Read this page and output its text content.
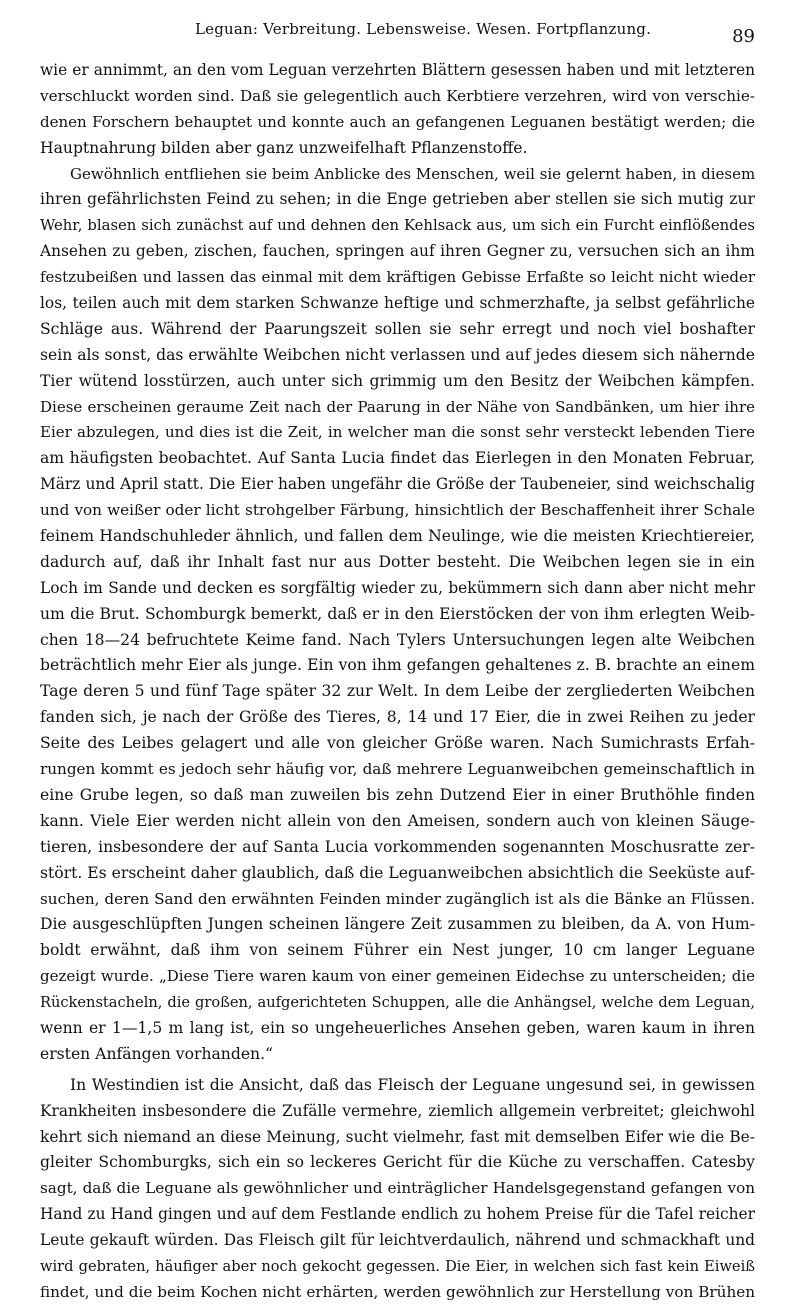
Leguan: Verbreitung. Lebensweise. Wesen. Fortpflanzung.	89
wie er annimmt, an den vom Leguan verzehrten Blättern gesessen haben und mit letzteren
verschluckt worden sind. Daß sie gelegentlich auch Kerbtiere verzehren, wird von verschie-
denen Forschern behauptet und konnte auch an gefangenen Leguanen bestätigt werden; die
Hauptnahrung bilden aber ganz unzweifelhaft Pflanzenstoffe.
Gewöhnlich entfliehen sie beim Anblicke des Menschen, weil sie gelernt haben, in diesem
ihren gefährlichsten Feind zu sehen; in die Enge getrieben aber stellen sie sich mutig zur
Wehr, blasen sich zunächst auf und dehnen den Kehlsack aus, um sich ein Furcht einflößendes
Ansehen zu geben, zischen, fauchen, springen auf ihren Gegner zu, versuchen sich an ihm
festzubeißen und lassen das einmal mit dem kräftigen Gebisse Erfaßte so leicht nicht wieder
los, teilen auch mit dem starken Schwanze heftige und schmerzhafte, ja selbst gefährliche
Schläge aus. Während der Paarungszeit sollen sie sehr erregt und noch viel boshafter
sein als sonst, das erwählte Weibchen nicht verlassen und auf jedes diesem sich nähernde
Tier wütend losstürzen, auch unter sich grimmig um den Besitz der Weibchen kämpfen.
Diese erscheinen geraume Zeit nach der Paarung in der Nähe von Sandbänken, um hier ihre
Eier abzulegen, und dies ist die Zeit, in welcher man die sonst sehr versteckt lebenden Tiere
am häufigsten beobachtet. Auf Santa Lucia findet das Eierlegen in den Monaten Februar,
März und April statt. Die Eier haben ungefähr die Größe der Taubeneier, sind weichschalig
und von weißer oder licht strohgelber Färbung, hinsichtlich der Beschaffenheit ihrer Schale
feinem Handschuhleder ähnlich, und fallen dem Neulinge, wie die meisten Kriechtiereier,
dadurch auf, daß ihr Inhalt fast nur aus Dotter besteht. Die Weibchen legen sie in ein
Loch im Sande und decken es sorgfältig wieder zu, bekümmern sich dann aber nicht mehr
um die Brut. Schomburgk bemerkt, daß er in den Eierstöcken der von ihm erlegten Weib-
chen 18—24 befruchtete Keime fand. Nach Tylers Untersuchungen legen alte Weibchen
beträchtlich mehr Eier als junge. Ein von ihm gefangen gehaltenes z. B. brachte an einem
Tage deren 5 und fünf Tage später 32 zur Welt. In dem Leibe der zergliederten Weibchen
fanden sich, je nach der Größe des Tieres, 8, 14 und 17 Eier, die in zwei Reihen zu jeder
Seite des Leibes gelagert und alle von gleicher Größe waren. Nach Sumichrasts Erfah-
rungen kommt es jedoch sehr häufig vor, daß mehrere Leguanweibchen gemeinschaftlich in
eine Grube legen, so daß man zuweilen bis zehn Dutzend Eier in einer Bruthöhle finden
kann. Viele Eier werden nicht allein von den Ameisen, sondern auch von kleinen Säuge-
tieren, insbesondere der auf Santa Lucia vorkommenden sogenannten Moschusratte zer-
stört. Es erscheint daher glaublich, daß die Leguanweibchen absichtlich die Seeküste auf-
suchen, deren Sand den erwähnten Feinden minder zugänglich ist als die Bänke an Flüssen.
Die ausgeschlüpften Jungen scheinen längere Zeit zusammen zu bleiben, da A. von Hum-
boldt erwähnt, daß ihm von seinem Führer ein Nest junger, 10 cm langer Leguane
gezeigt wurde. „Diese Tiere waren kaum von einer gemeinen Eidechse zu unterscheiden; die
Rückenstacheln, die großen, aufgerichteten Schuppen, alle die Anhängsel, welche dem Leguan,
wenn er 1—1,5 m lang ist, ein so ungeheuerliches Ansehen geben, waren kaum in ihren
ersten Anfängen vorhanden.“
In Westindien ist die Ansicht, daß das Fleisch der Leguane ungesund sei, in gewissen
Krankheiten insbesondere die Zufälle vermehre, ziemlich allgemein verbreitet; gleichwohl
kehrt sich niemand an diese Meinung, sucht vielmehr, fast mit demselben Eifer wie die Be-
gleiter Schomburgks, sich ein so leckeres Gericht für die Küche zu verschaffen. Catesby
sagt, daß die Leguane als gewöhnlicher und einträglicher Handelsgegenstand gefangen von
Hand zu Hand gingen und auf dem Festlande endlich zu hohem Preise für die Tafel reicher
Leute gekauft würden. Das Fleisch gilt für leichtverdaulich, nährend und schmackhaft und
wird gebraten, häufiger aber noch gekocht gegessen. Die Eier, in welchen sich fast kein Eiweiß
findet, und die beim Kochen nicht erhärten, werden gewöhnlich zur Herstellung von Brühen
